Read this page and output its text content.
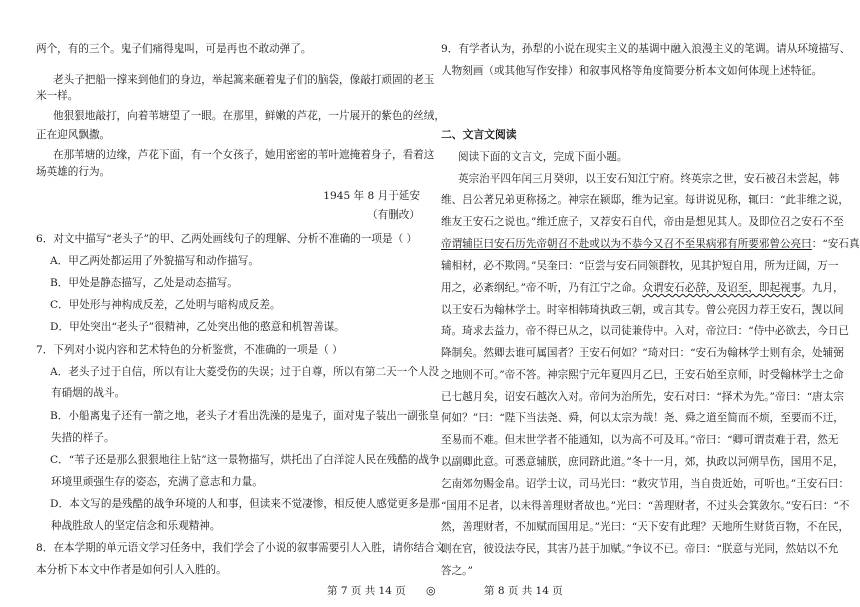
两个，有的三个。鬼子们痛得鬼叫，可是再也不敢动弹了。
老头子把船一撑来到他们的身边，举起篙来砸着鬼子们的脑袋，像敲打顽固的老玉
米一样。
他狠狠地敲打，向着苇塘望了一眼。在那里，鲜嫩的芦花，一片展开的紫色的丝绒，
正在迎风飘撒。
在那苇塘的边缘，芦花下面，有一个女孩子，她用密密的苇叶遮掩着身子，看着这
场英雄的行为。
1945 年 8 月于延安
（有删改）
6．对文中描写“老头子”的甲、乙两处画线句子的理解、分析不准确的一项是（ ）
A．甲乙两处都运用了外貌描写和动作描写。
B．甲处是静态描写，乙处是动态描写。
C．甲处形与神构成反差，乙处明与暗构成反差。
D．甲处突出“老头子”很精神，乙处突出他的憨意和机智善谋。
7．下列对小说内容和艺术特色的分析鉴赏，不准确的一项是（ ）
A．老头子过于自信，所以有让大菱受伤的失误；过于自尊，所以有第二天一个人没
有硝烟的战斗。
B．小船离鬼子还有一箭之地，老头子才看出洗澡的是鬼子，面对鬼子装出一副张皇
失措的样子。
C．“苇子还是那么狠狠地往上钻”这一景物描写，烘托出了白洋淀人民在残酷的战争
环境里顽强生存的姿态，充满了意志和力量。
D．本文写的是残酷的战争环境的人和事，但读来不觉凄惨，相反使人感觉更多是那
种战胜敌人的坚定信念和乐观精神。
8．在本学期的单元语文学习任务中，我们学会了小说的叙事需要引人入胜，请你结合文
本分析下本文中作者是如何引人入胜的。
9．有学者认为，孙犁的小说在现实主义的基调中融入浪漫主义的笔调。请从环境描写、
人物刻画（或其他写作安排）和叙事风格等角度简要分析本文如何体现上述特征。
二、文言文阅读
阅读下面的文言文，完成下面小题。
英宗治平四年闰三月癸卯，以王安石知江宁府。终英宗之世，安石被召未尝起，韩
维、吕公著兄弟更称扬之。神宗在颍邸，维为记室。每讲说见称，辄曰：“此非维之说，
维友王安石之说也。”维迁庶子，又荐安石自代，帝由是想见其人。及即位召之安石不至
帝谓辅臣曰安石历先帝朝召不赴或以为不恭今又召不至果病邪有所要邪曾公亮曰：“安石真
辅相材，必不欺罔。”吴奎曰：“臣尝与安石同领群牧，见其护短自用，所为迂阔，万一
用之，必紊纲纪。”帝不听，乃有江宁之命。众谓安石必辞，及诏至，即起视事。九月，
以王安石为翰林学士。时宰相韩琦执政三朝，或言其专。曾公亮因力荐王安石，觊以间
琦。琦求去益力，帝不得已从之，以司徒兼侍中。入对，帝泣曰：“侍中必欲去，今日已
降制矣。然卿去谁可属国者？王安石何如？”琦对曰：“安石为翰林学士则有余，处辅弼
之地则不可。”帝不答。神宗熙宁元年夏四月乙巳，王安石始至京师，时受翰林学士之命
已七越月矣，诏安石越次入对。帝问为治所先，安石对曰：“择术为先。”帝曰：“唐太宗
何如？”曰：“陛下当法尧、舜，何以太宗为哉！尧、舜之道至简而不烦，至要而不迂，
至易而不难。但末世学者不能通知，以为高不可及耳。”帝曰：“卿可谓责难于君，然无
以副卿此意。可悉意辅朕，庶同跻此道。”冬十一月，郊，执政以河朔旱伤，国用不足，
乞南郊勿赐金帛。诏学士议，司马光曰：“救灾节用，当自贵近始，可听也。”王安石曰：
“国用不足者，以未得善理财者故也。”光曰：“善理财者，不过头会箕敛尔。”安石曰：“不
然，善理财者，不加赋而国用足。”光曰：“天下安有此理？天地所生财货百物，不在民，
则在官，彼设法夺民，其害乃甚于加赋。”争议不已。帝曰：“朕意与光同，然姑以不允
答之。”
第 7 页 共 14 页 ◎	第 8 页 共 14 页
